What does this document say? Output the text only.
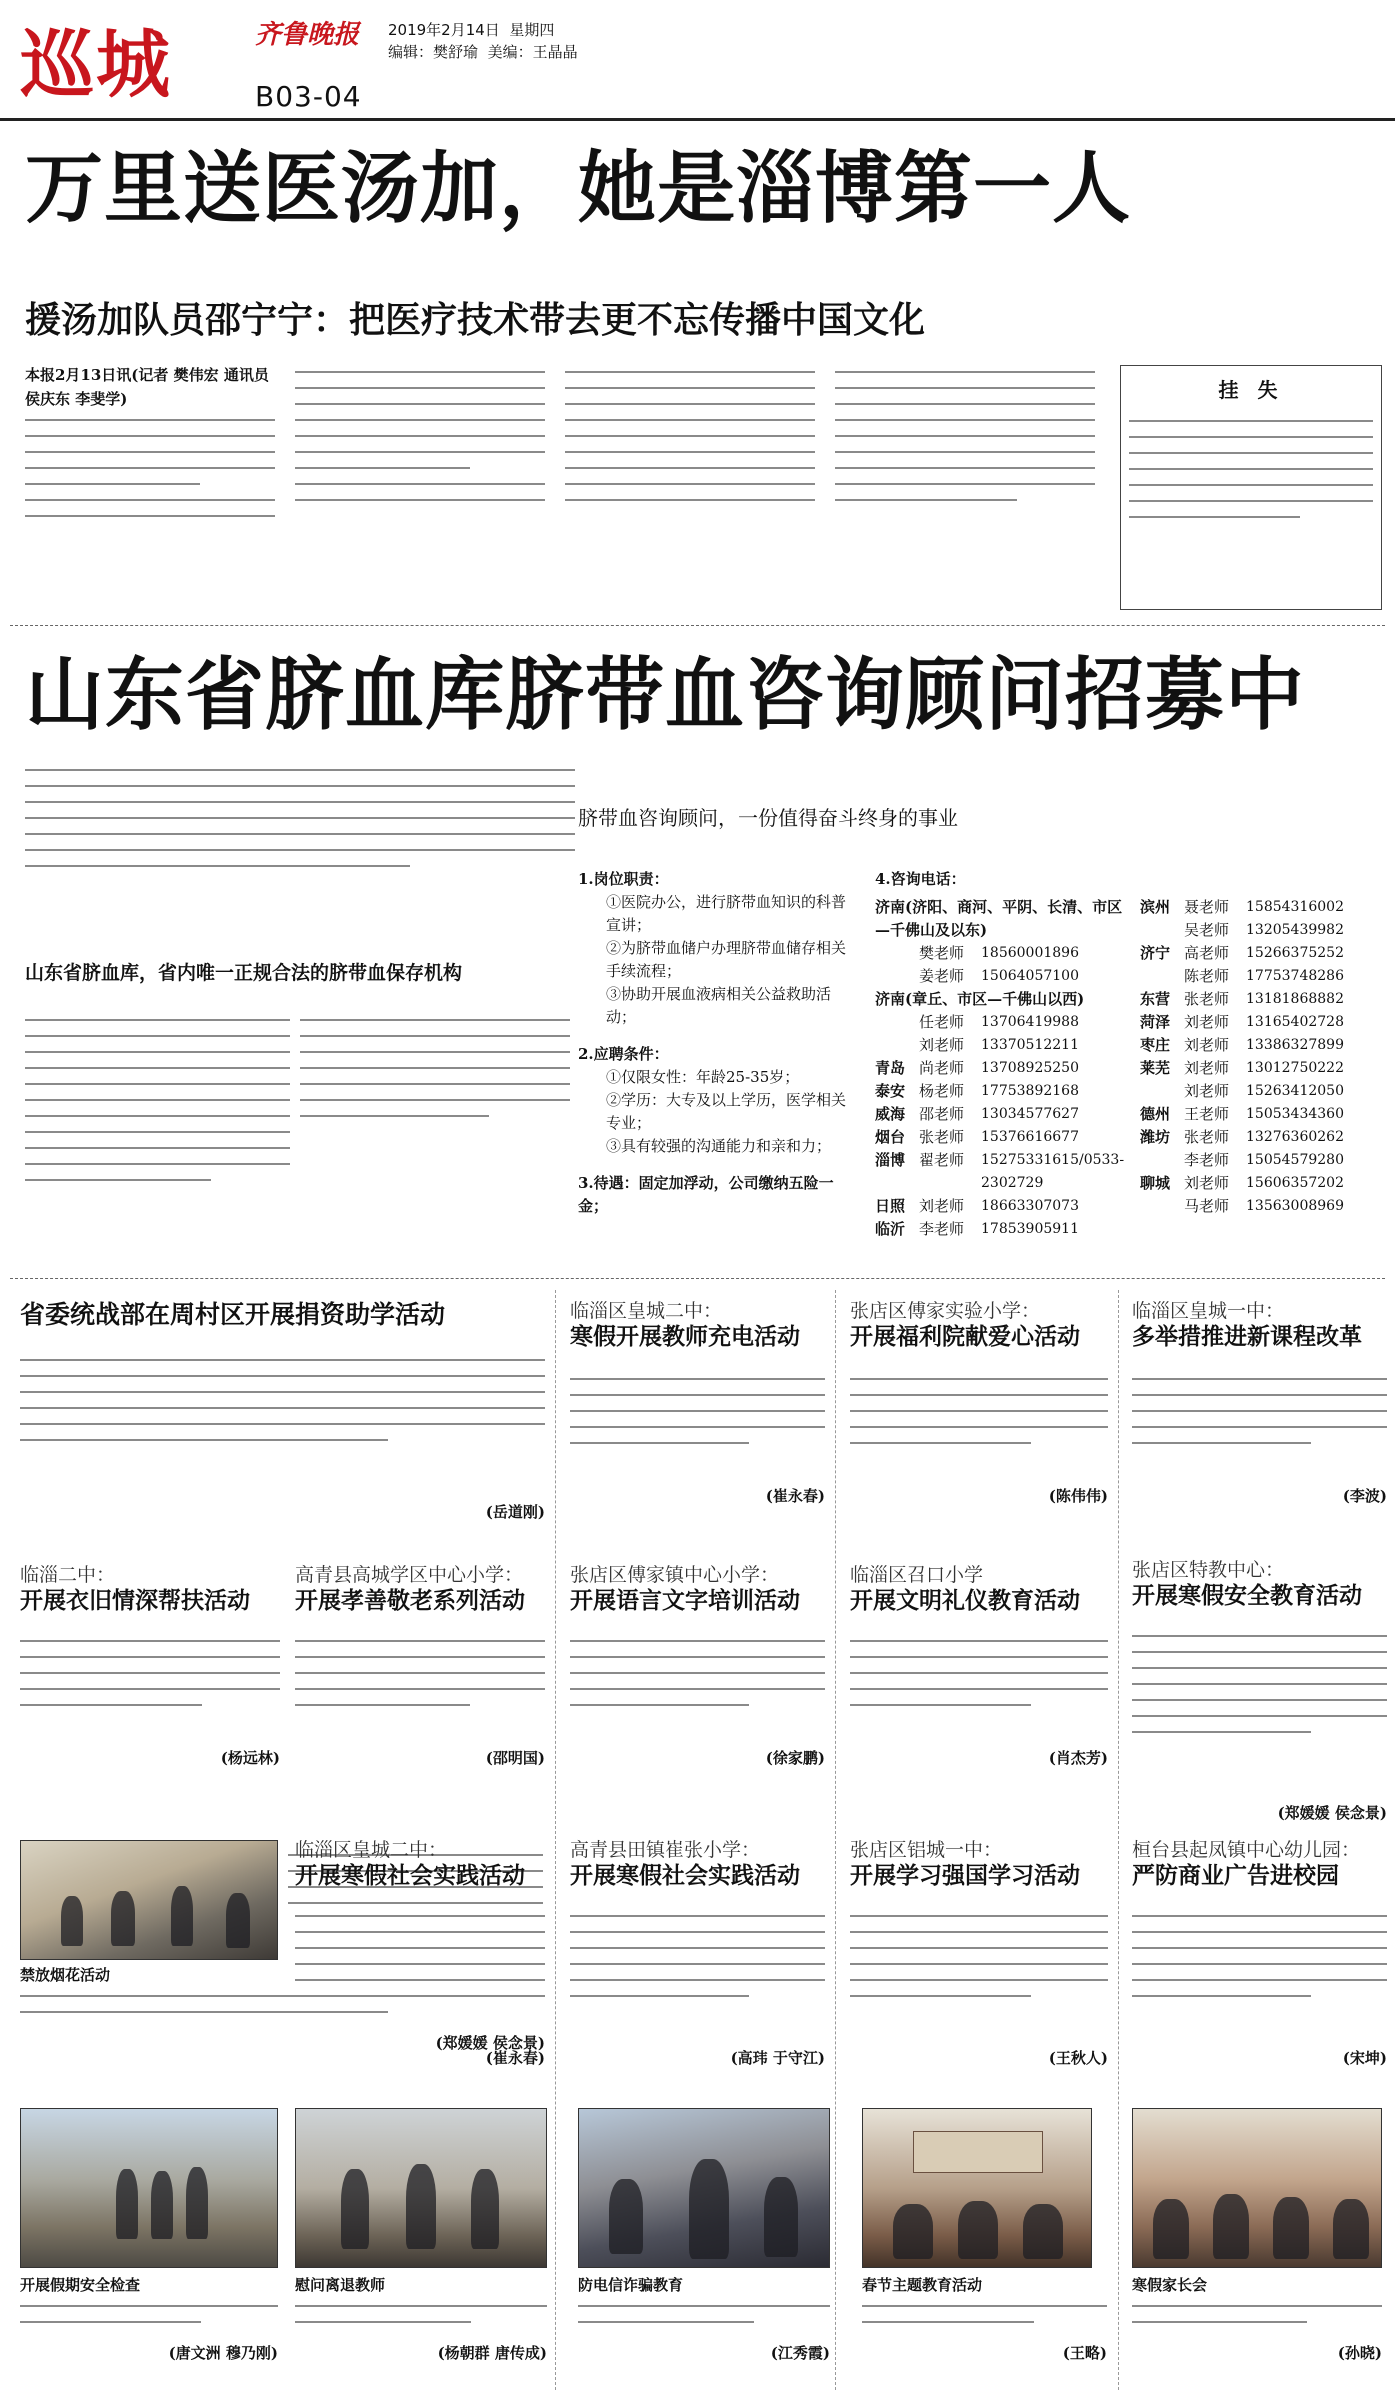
巡城	齐鲁晚报
B03-04
2019年2月14日 星期四
编辑：樊舒瑜 美编：王晶晶
万里送医汤加，她是淄博第一人
援汤加队员邵宁宁：把医疗技术带去更不忘传播中国文化
本报2月13日讯(记者 樊伟宏 通讯员 侯庆东 李斐学)	挂 失
山东省脐血库脐带血咨询顾问招募中
山东省脐血库，省内唯一正规合法的脐带血保存机构
脐带血咨询顾问，一份值得奋斗终身的事业
1.岗位职责：
①医院办公，进行脐带血知识的科普宣讲；
②为脐带血储户办理脐带血储存相关手续流程；
③协助开展血液病相关公益救助活动；
2.应聘条件：
①仅限女性：年龄25-35岁；
②学历：大专及以上学历，医学相关专业；
③具有较强的沟通能力和亲和力；
3.待遇：固定加浮动，公司缴纳五险一金；
4.咨询电话：
济南(济阳、商河、平阴、长清、市区—千佛山及以东)
樊老师	18560001896
姜老师	15064057100
济南(章丘、市区—千佛山以西)
任老师	13706419988
刘老师	13370512211
青岛 尚老师	13708925250
泰安 杨老师	17753892168
威海 邵老师	13034577627
烟台 张老师	15376616677
淄博 翟老师	15275331615/0533-2302729
日照 刘老师	18663307073
临沂 李老师	17853905911
滨州 聂老师	15854316002
吴老师	13205439982
济宁 高老师	15266375252
陈老师	17753748286
东营 张老师	13181868882
菏泽 刘老师	13165402728
枣庄 刘老师	13386327899
莱芜 刘老师	13012750222
刘老师	15263412050
德州 王老师	15053434360
潍坊 张老师	13276360262
李老师	15054579280
聊城 刘老师	15606357202
马老师	13563008969
省委统战部在周村区开展捐资助学活动
(岳道刚)
临淄区皇城二中：
寒假开展教师充电活动
(崔永春)
张店区傅家实验小学：
开展福利院献爱心活动
(陈伟伟)
临淄区皇城一中：
多举措推进新课程改革
(李波)
临淄二中：
开展衣旧情深帮扶活动
(杨远林)
高青县高城学区中心小学：
开展孝善敬老系列活动
(邵明国)
张店区傅家镇中心小学：
开展语言文字培训活动
(徐家鹏)
临淄区召口小学
开展文明礼仪教育活动
(肖杰芳)
张店区特教中心：
开展寒假安全教育活动
(郑媛媛 侯念景)
禁放烟花活动
(郑媛媛 侯念景)
临淄区皇城二中：
开展寒假社会实践活动
(崔永春)
高青县田镇崔张小学：
开展寒假社会实践活动
(高玮 于守江)
张店区铝城一中：
开展学习强国学习活动
(王秋人)
桓台县起凤镇中心幼儿园：
严防商业广告进校园
(宋坤)
开展假期安全检查
(唐文洲 穆乃刚)
慰问离退教师
(杨朝群 唐传成)
防电信诈骗教育
(江秀霞)
春节主题教育活动
(王略)
寒假家长会
(孙晓)
